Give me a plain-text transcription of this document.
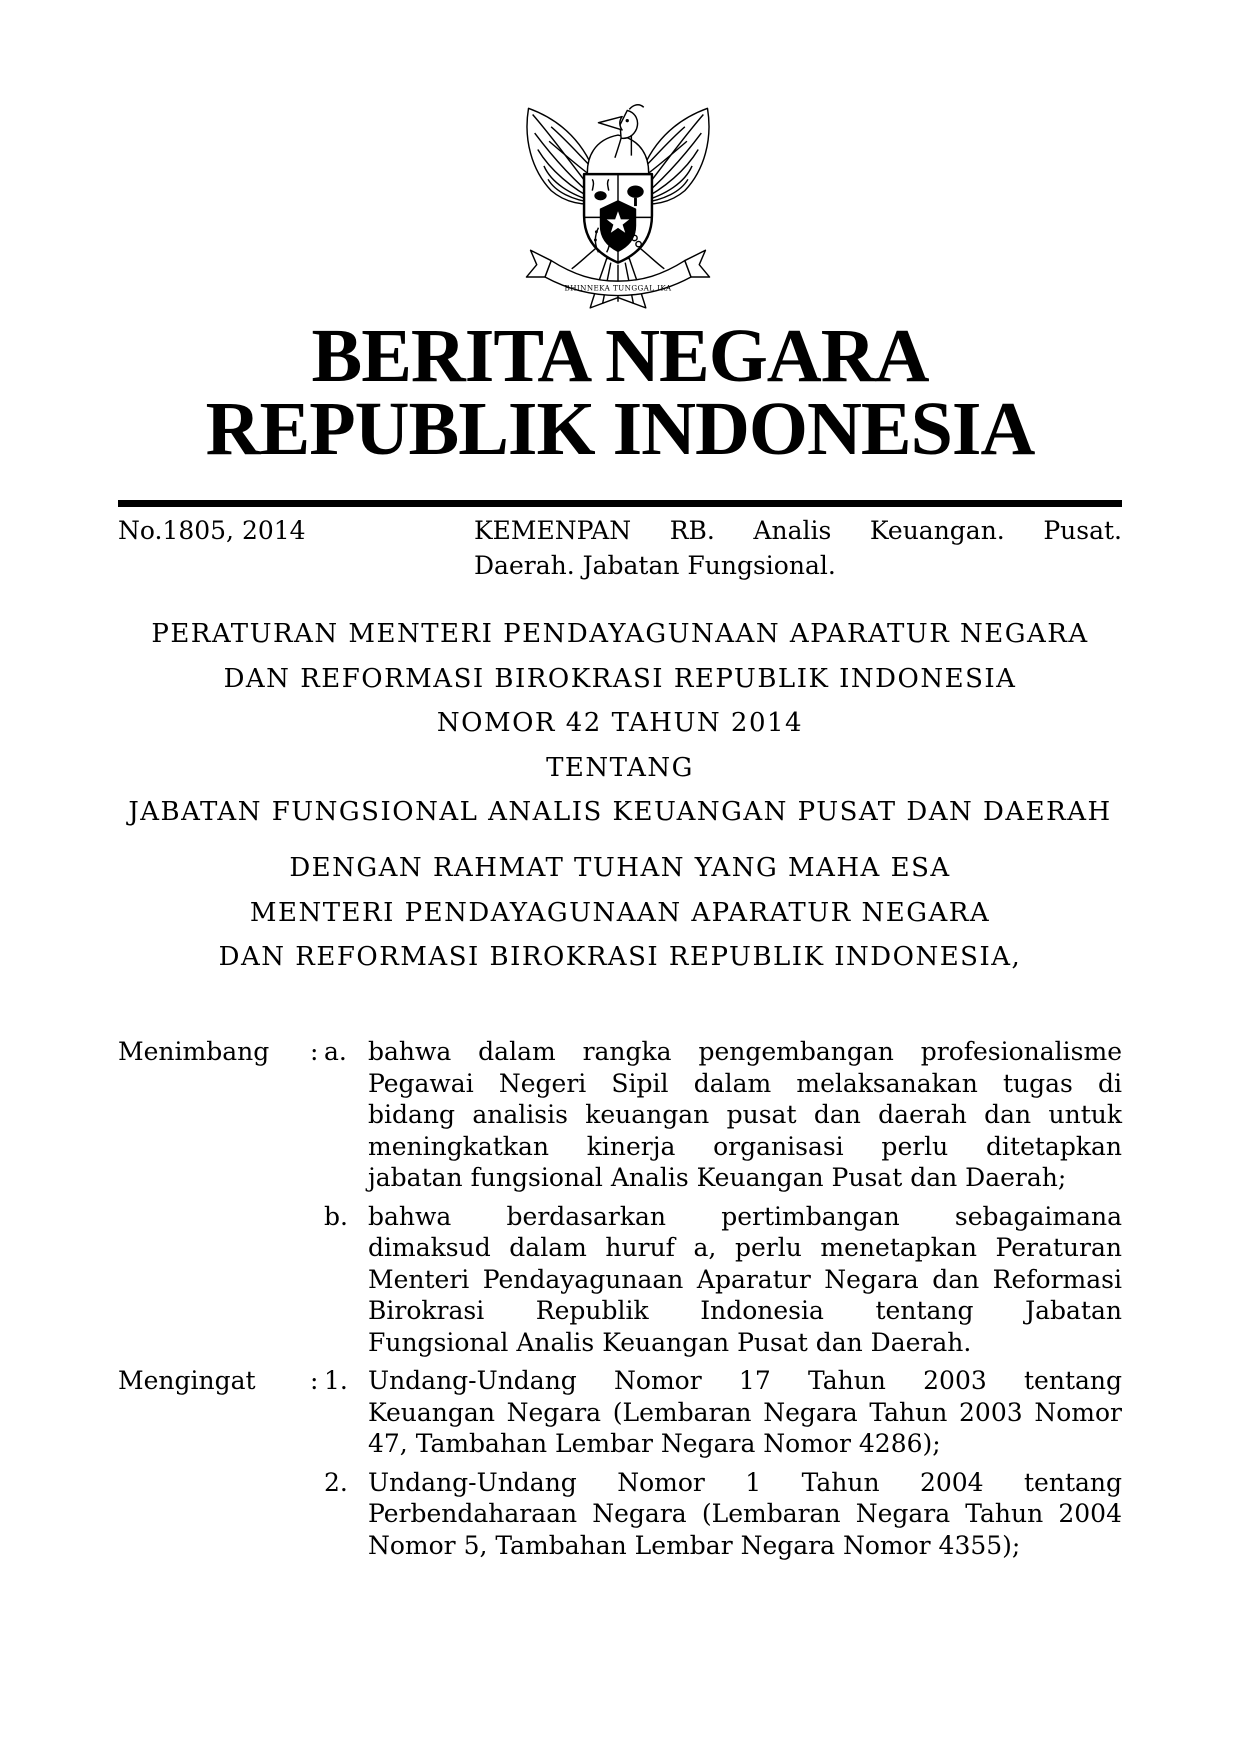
BHINNEKA TUNGGAL IKA
BERITA NEGARA
REPUBLIK INDONESIA
No.1805, 2014	KEMENPAN RB. Analis Keuangan. Pusat.
Daerah. Jabatan Fungsional.
PERATURAN MENTERI PENDAYAGUNAAN APARATUR NEGARA
DAN REFORMASI BIROKRASI REPUBLIK INDONESIA
NOMOR 42 TAHUN 2014
TENTANG
JABATAN FUNGSIONAL ANALIS KEUANGAN PUSAT DAN DAERAH
DENGAN RAHMAT TUHAN YANG MAHA ESA
MENTERI PENDAYAGUNAAN APARATUR NEGARA
DAN REFORMASI BIROKRASI REPUBLIK INDONESIA,
Menimbang	: a. bahwa dalam rangka pengembangan profesionalisme
Pegawai Negeri Sipil dalam melaksanakan tugas di
bidang analisis keuangan pusat dan daerah dan untuk
meningkatkan kinerja organisasi perlu ditetapkan
jabatan fungsional Analis Keuangan Pusat dan Daerah;
b. bahwa berdasarkan pertimbangan sebagaimana
dimaksud dalam huruf a, perlu menetapkan Peraturan
Menteri Pendayagunaan Aparatur Negara dan Reformasi
Birokrasi Republik Indonesia tentang Jabatan
Fungsional Analis Keuangan Pusat dan Daerah.
Mengingat	: 1. Undang-Undang Nomor 17 Tahun 2003 tentang
Keuangan Negara (Lembaran Negara Tahun 2003 Nomor
47, Tambahan Lembar Negara Nomor 4286);
2. Undang-Undang Nomor 1 Tahun 2004 tentang
Perbendaharaan Negara (Lembaran Negara Tahun 2004
Nomor 5, Tambahan Lembar Negara Nomor 4355);
